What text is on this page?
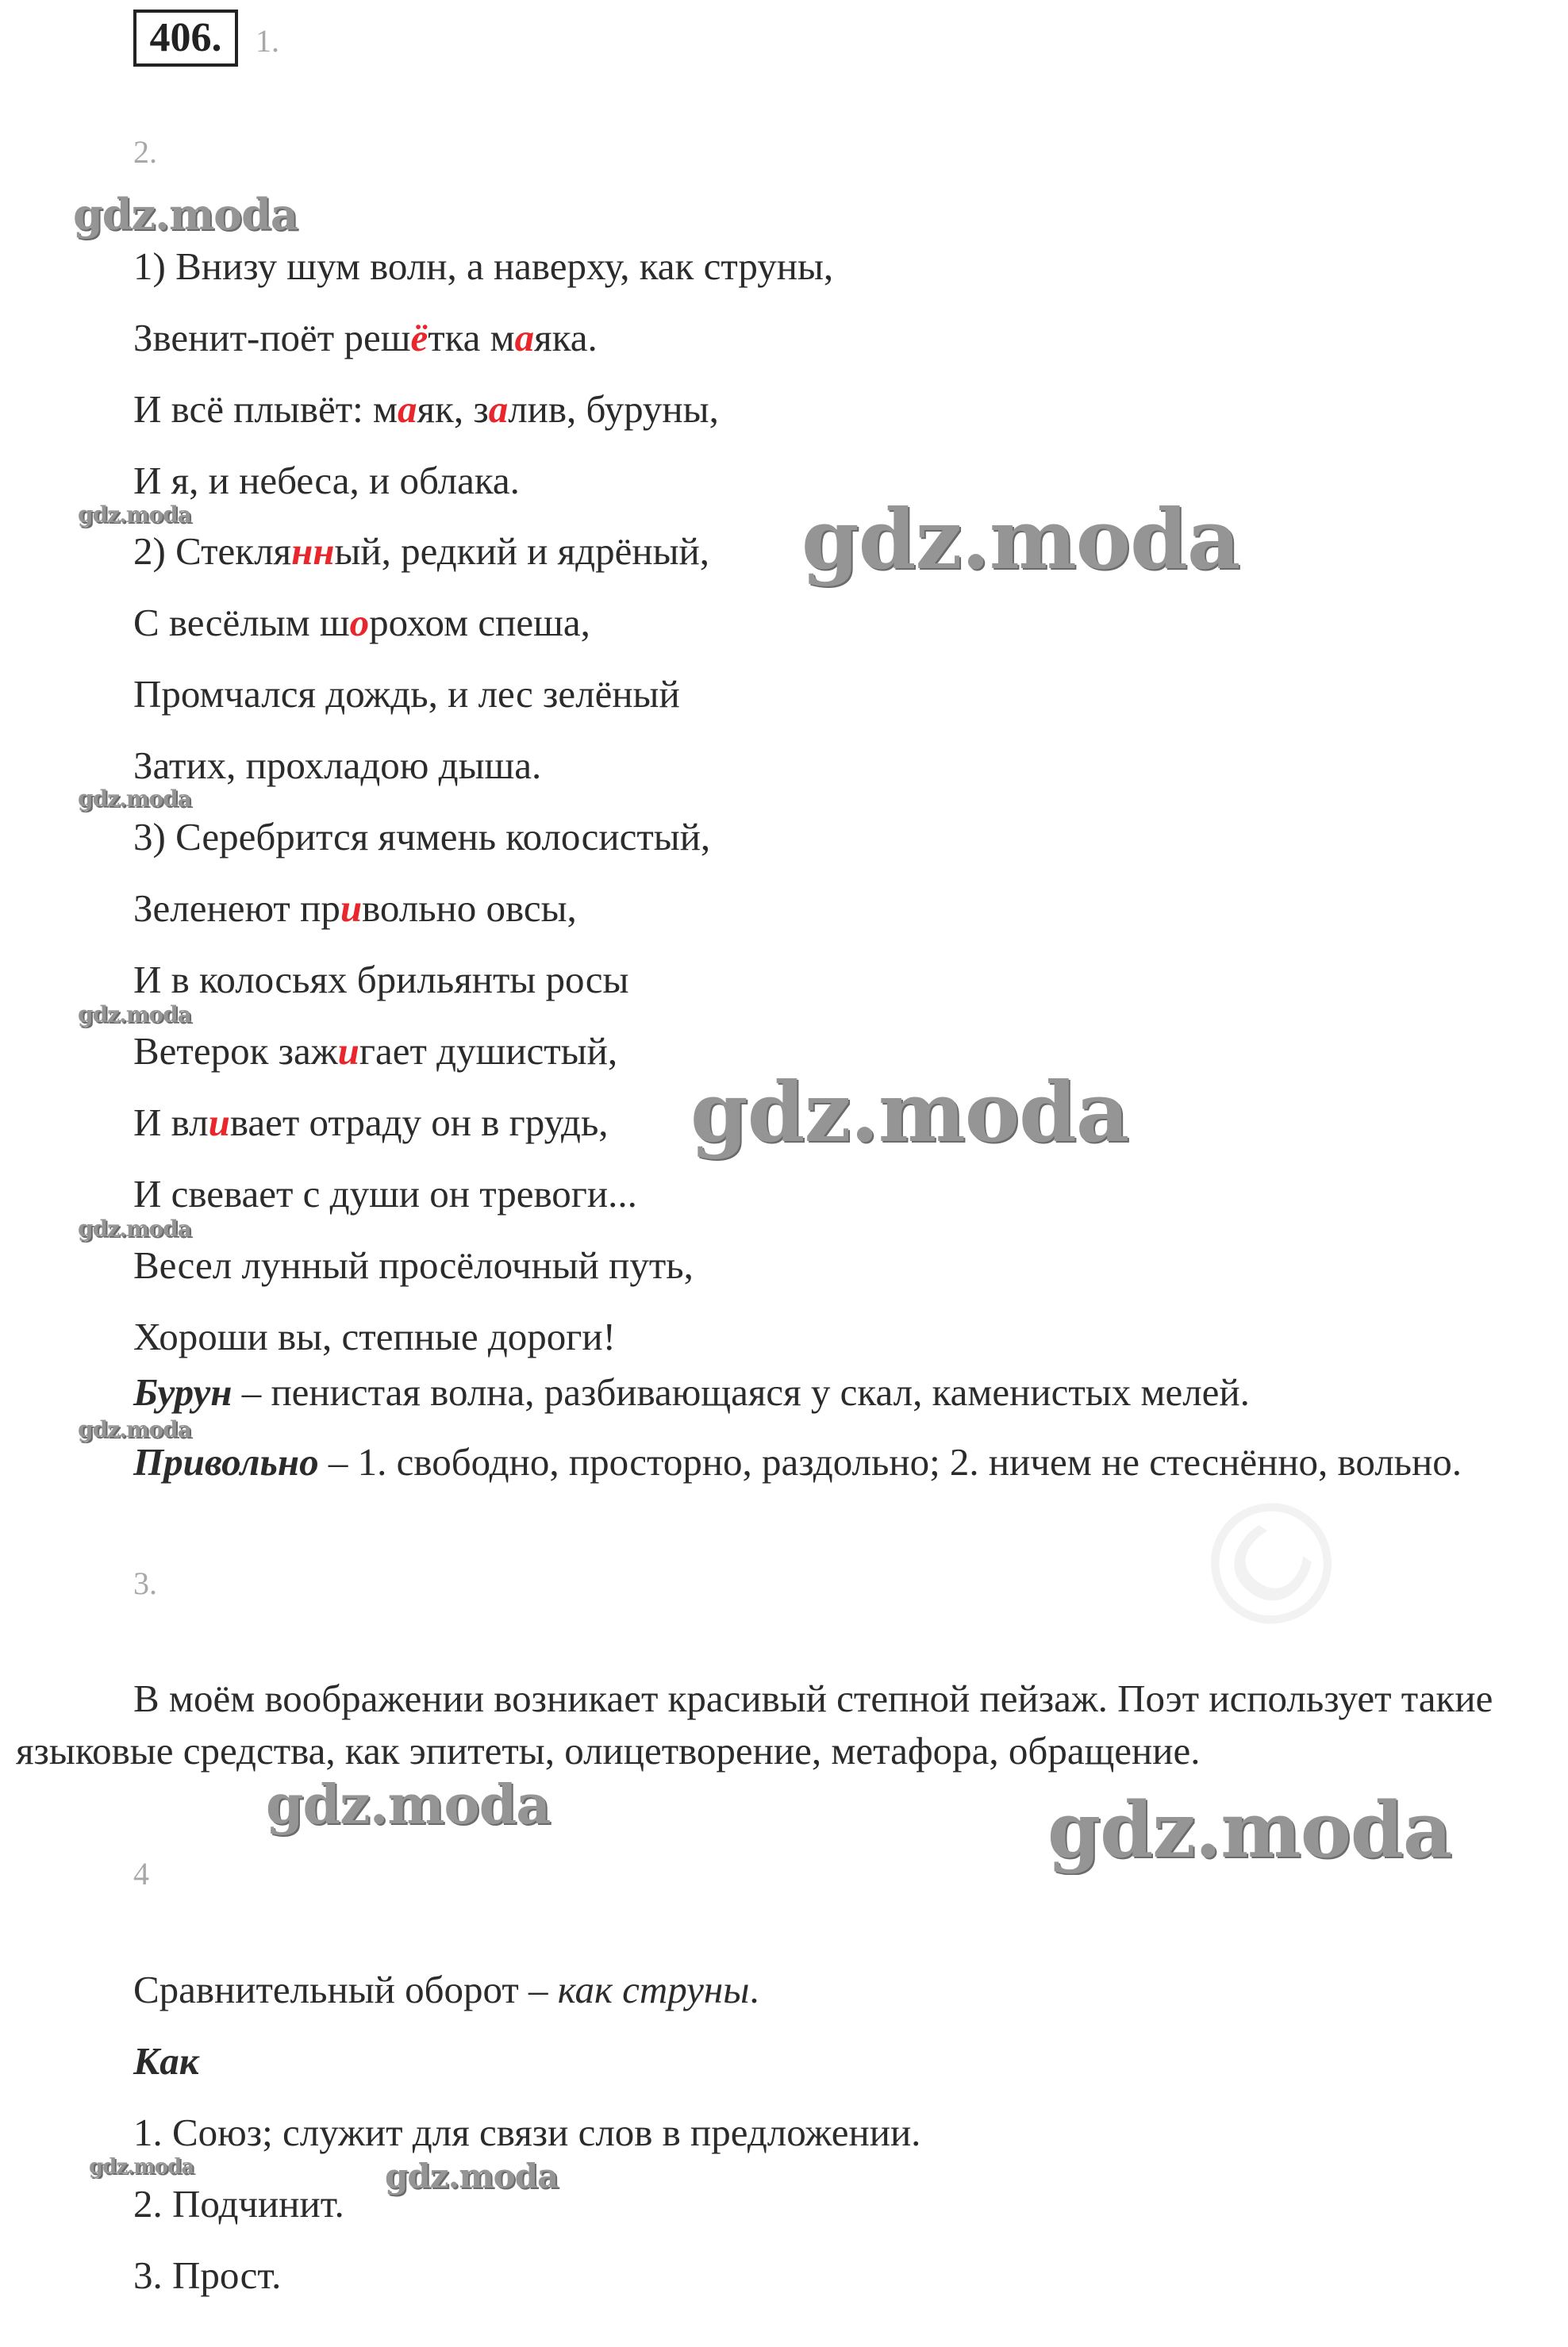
©
406.	1.
2.
1) Внизу шум волн, а наверху, как струны,
Звенит-поёт решётка маяка.
И всё плывёт: маяк, залив, буруны,
И я, и небеса, и облака.
2) Стеклянный, редкий и ядрёный,
С весёлым шорохом спеша,
Промчался дождь, и лес зелёный
Затих, прохладою дыша.
3) Серебрится ячмень колосистый,
Зеленеют привольно овсы,
И в колосьях брильянты росы
Ветерок зажигает душистый,
И вливает отраду он в грудь,
И свевает с души он тревоги...
Весел лунный просёлочный путь,
Хороши вы, степные дороги!
Бурун – пенистая волна, разбивающаяся у скал, каменистых мелей.
Привольно – 1. свободно, просторно, раздольно; 2. ничем не стеснённо, вольно.
3.
В моём воображении возникает красивый степной пейзаж. Поэт использует такие языковые средства, как эпитеты, олицетворение, метафора, обращение.
4
Сравнительный оборот – как струны.
Как
1. Союз; служит для связи слов в предложении.
2. Подчинит.
3. Прост.
gdz.moda
gdz.moda	gdz.moda
gdz.moda
gdz.moda
gdz.moda
gdz.moda
gdz.moda
gdz.moda	gdz.moda
gdz.moda	gdz.moda
